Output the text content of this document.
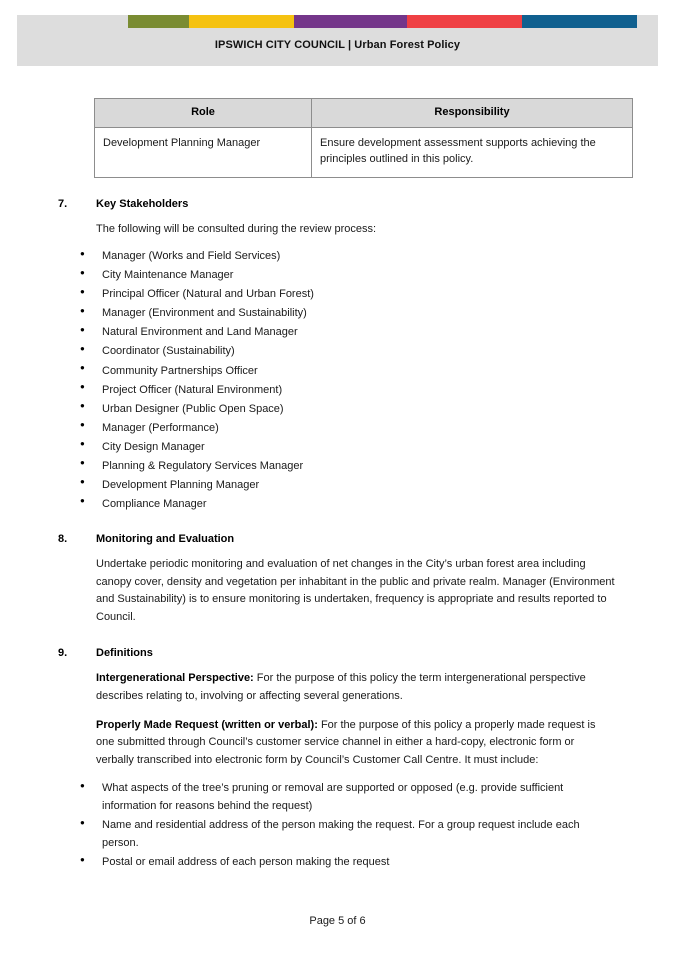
IPSWICH CITY COUNCIL | Urban Forest Policy
Role	Responsibility
Development Planning Manager	Ensure development assessment supports achieving the principles outlined in this policy.
7.	Key Stakeholders

The following will be consulted during the review process:

● Manager (Works and Field Services)
● City Maintenance Manager
● Principal Officer (Natural and Urban Forest)
● Manager (Environment and Sustainability)
● Natural Environment and Land Manager
● Coordinator (Sustainability)
● Community Partnerships Officer
● Project Officer (Natural Environment)
● Urban Designer (Public Open Space)
● Manager (Performance)
● City Design Manager
● Planning & Regulatory Services Manager
● Development Planning Manager
● Compliance Manager
8.	Monitoring and Evaluation

Undertake periodic monitoring and evaluation of net changes in the City’s urban forest area including canopy cover, density and vegetation per inhabitant in the public and private realm. Manager (Environment and Sustainability) is to ensure monitoring is undertaken, frequency is appropriate and results reported to Council.

9.	Definitions

Intergenerational Perspective: For the purpose of this policy the term intergenerational perspective describes relating to, involving or affecting several generations.

Properly Made Request (written or verbal): For the purpose of this policy a properly made request is one submitted through Council’s customer service channel in either a hard-copy, electronic form or verbally transcribed into electronic form by Council’s Customer Call Centre. It must include:

● What aspects of the tree’s pruning or removal are supported or opposed (e.g. provide sufficient information for reasons behind the request)
● Name and residential address of the person making the request. For a group request include each person.
● Postal or email address of each person making the request
Page 5 of 6
